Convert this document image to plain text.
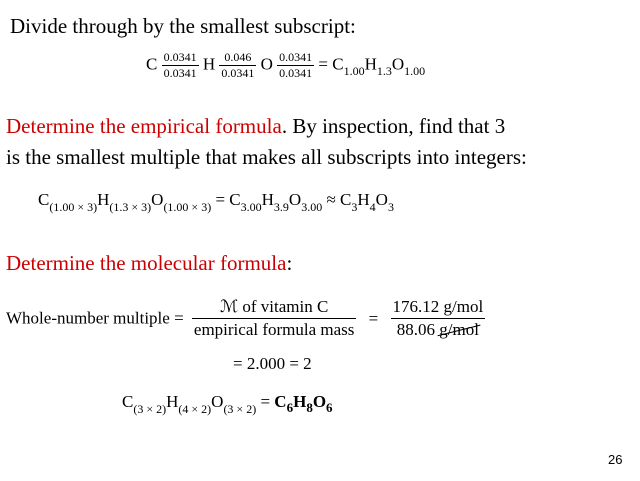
Divide through by the smallest subscript:
C $\frac{0.0341}{0.0341}$ H $\frac{0.046}{0.0341}$ O $\frac{0.0341}{0.0341} = C_{1.00}H_{1.3}O_{1.00}$
Determine the empirical formula. By inspection, find that 3
is the smallest multiple that makes all subscripts into integers:
$C_{(1.00 \times 3)}H_{(1.3 \times 3)}O_{(1.00 \times 3)} = C_{3.00}H_{3.9}O_{3.00} \approx C_3H_4O_3$
Determine the molecular formula:
Whole-number multiple = $\frac{\text{ℳ of vitamin C}}{\text{empirical formula mass}} = \frac{\text{176.12 g/mol}}{\text{88.06 g/mol}}$
= 2.000 = 2
$C_{(3 \times 2)}H_{(4 \times 2)}O_{(3 \times 2)} = C_6H_8O_6$
26
